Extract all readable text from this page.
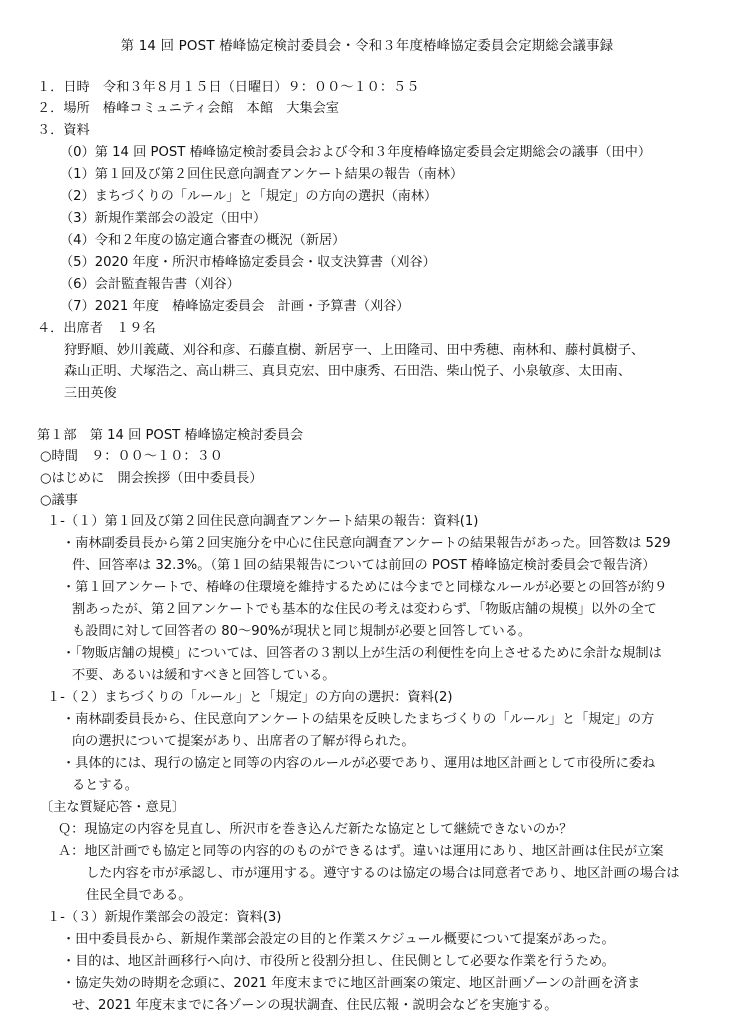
第 14 回 POST 椿峰協定検討委員会・令和３年度椿峰協定委員会定期総会議事録
１．日時　令和３年８月１５日（日曜日）９：００～１０：５５
２．場所　椿峰コミュニティ会館　本館　大集会室
３．資料
（0）第 14 回 POST 椿峰協定検討委員会および令和３年度椿峰協定委員会定期総会の議事（田中）
（1）第１回及び第２回住民意向調査アンケート結果の報告（南林）
（2）まちづくりの「ルール」と「規定」の方向の選択（南林）
（3）新規作業部会の設定（田中）
（4）令和２年度の協定適合審査の概況（新居）
（5）2020 年度・所沢市椿峰協定委員会・収支決算書（刈谷）
（6）会計監査報告書（刈谷）
（7）2021 年度　椿峰協定委員会　計画・予算書（刈谷）
４．出席者　１９名
狩野順、妙川義蔵、刈谷和彦、石藤直樹、新居亨一、上田隆司、田中秀穂、南林和、藤村眞樹子、
森山正明、犬塚浩之、高山耕三、真貝克宏、田中康秀、石田浩、柴山悦子、小泉敏彦、太田南、
三田英俊
第１部　第 14 回 POST 椿峰協定検討委員会
○時間　９：００～１０：３０
○はじめに　開会挨拶（田中委員長）
○議事
１-（１）第１回及び第２回住民意向調査アンケート結果の報告：資料(1)
・南林副委員長から第２回実施分を中心に住民意向調査アンケートの結果報告があった。回答数は 529
件、回答率は 32.3%。（第１回の結果報告については前回の POST 椿峰協定検討委員会で報告済）
・第１回アンケートで、椿峰の住環境を維持するためには今までと同様なルールが必要との回答が約９
割あったが、第２回アンケートでも基本的な住民の考えは変わらず、「物販店舗の規模」以外の全て
も設問に対して回答者の 80～90%が現状と同じ規制が必要と回答している。
・「物販店舗の規模」については、回答者の３割以上が生活の利便性を向上させるために余計な規制は
不要、あるいは緩和すべきと回答している。
１-（２）まちづくりの「ルール」と「規定」の方向の選択：資料(2)
・南林副委員長から、住民意向アンケートの結果を反映したまちづくりの「ルール」と「規定」の方
向の選択について提案があり、出席者の了解が得られた。
・具体的には、現行の協定と同等の内容のルールが必要であり、運用は地区計画として市役所に委ね
るとする。
〔主な質疑応答・意見〕
Ｑ：現協定の内容を見直し、所沢市を巻き込んだ新たな協定として継続できないのか？
Ａ：地区計画でも協定と同等の内容的のものができるはず。違いは運用にあり、地区計画は住民が立案
した内容を市が承認し、市が運用する。遵守するのは協定の場合は同意者であり、地区計画の場合は
住民全員である。
１-（３）新規作業部会の設定：資料(3)
・田中委員長から、新規作業部会設定の目的と作業スケジュール概要について提案があった。
・目的は、地区計画移行へ向け、市役所と役割分担し、住民側として必要な作業を行うため。
・協定失効の時期を念頭に、2021 年度末までに地区計画案の策定、地区計画ゾーンの計画を済ま
せ、2021 年度末までに各ゾーンの現状調査、住民広報・説明会などを実施する。
